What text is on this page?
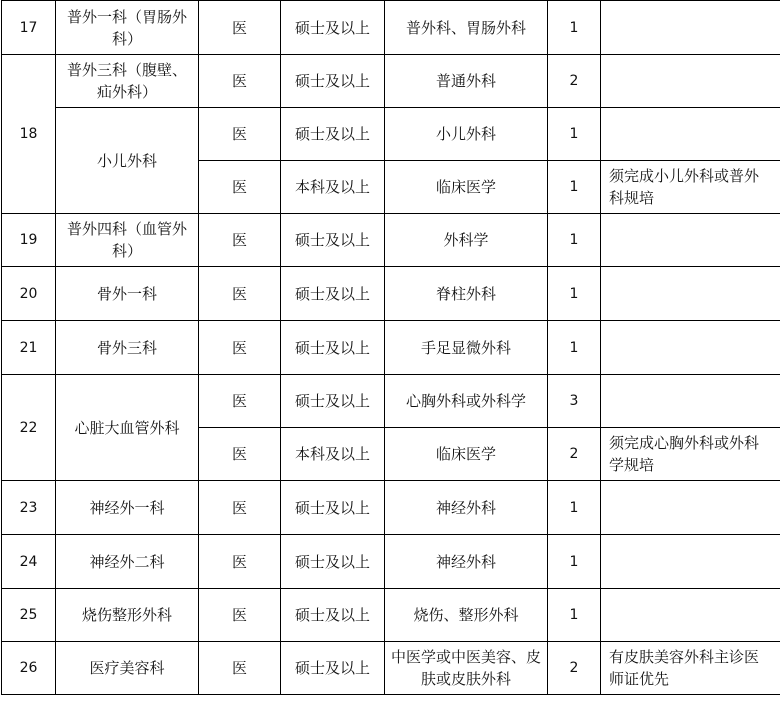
17	普外一科（胃肠外科）	医	硕士及以上	普外科、胃肠外科	1	
18	普外三科（腹壁、疝外科）	医	硕士及以上	普通外科	2	
	小儿外科	医	硕士及以上	小儿外科	1	
		医	本科及以上	临床医学	1	须完成小儿外科或普外科规培
19	普外四科（血管外科）	医	硕士及以上	外科学	1	
20	骨外一科	医	硕士及以上	脊柱外科	1	
21	骨外三科	医	硕士及以上	手足显微外科	1	
22	心脏大血管外科	医	硕士及以上	心胸外科或外科学	3	
		医	本科及以上	临床医学	2	须完成心胸外科或外科学规培
23	神经外一科	医	硕士及以上	神经外科	1	
24	神经外二科	医	硕士及以上	神经外科	1	
25	烧伤整形外科	医	硕士及以上	烧伤、整形外科	1	
26	医疗美容科	医	硕士及以上	中医学或中医美容、皮肤或皮肤外科	2	有皮肤美容外科主诊医师证优先
